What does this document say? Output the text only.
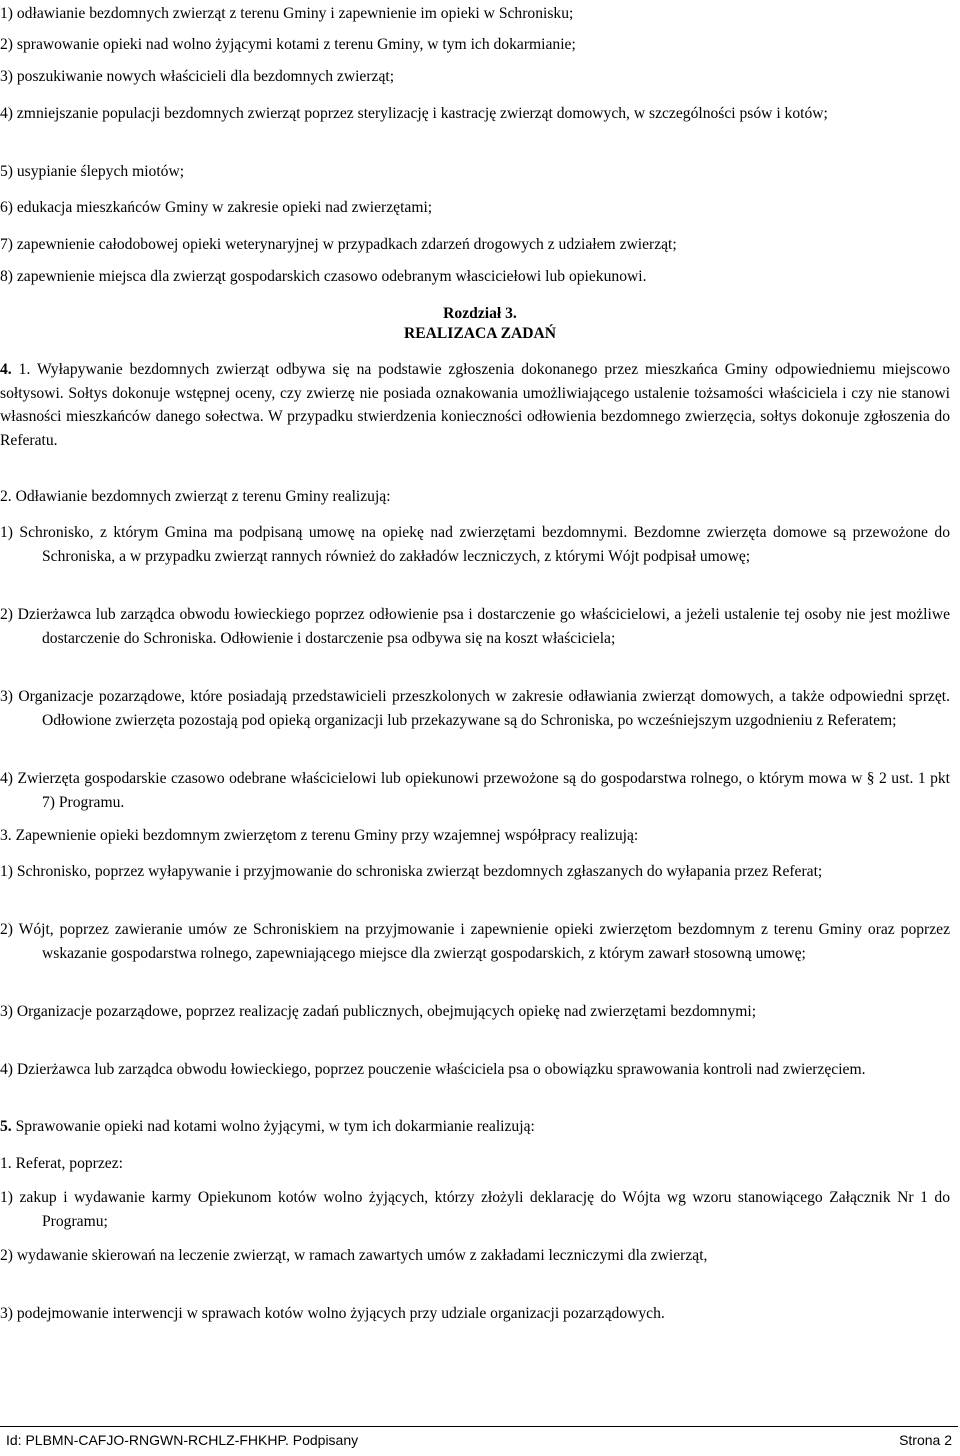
1) odławianie bezdomnych zwierząt z terenu Gminy i zapewnienie im opieki w Schronisku;

2) sprawowanie opieki nad wolno żyjącymi kotami z terenu Gminy, w tym ich dokarmianie;

3) poszukiwanie nowych właścicieli dla bezdomnych zwierząt;

4) zmniejszanie populacji bezdomnych zwierząt poprzez sterylizację i kastrację zwierząt domowych, w szczególności psów i kotów;

5) usypianie ślepych miotów;

6) edukacja mieszkańców Gminy w zakresie opieki nad zwierzętami;

7) zapewnienie całodobowej opieki weterynaryjnej w przypadkach zdarzeń drogowych z udziałem zwierząt;

8) zapewnienie miejsca dla zwierząt gospodarskich czasowo odebranym własciciełowi lub opiekunowi.

Rozdział 3.

REALIZACA ZADAŃ

4. 1. Wyłapywanie bezdomnych zwierząt odbywa się na podstawie zgłoszenia dokonanego przez mieszkańca Gminy odpowiedniemu miejscowo sołtysowi. Sołtys dokonuje wstępnej oceny, czy zwierzę nie posiada oznakowania umożliwiającego ustalenie tożsamości właściciela i czy nie stanowi własności mieszkańców danego sołectwa. W przypadku stwierdzenia konieczności odłowienia bezdomnego zwierzęcia, sołtys dokonuje zgłoszenia do Referatu.

2. Odławianie bezdomnych zwierząt z terenu Gminy realizują:

1) Schronisko, z którym Gmina ma podpisaną umowę na opiekę nad zwierzętami bezdomnymi. Bezdomne zwierzęta domowe są przewożone do Schroniska, a w przypadku zwierząt rannych również do zakładów leczniczych, z którymi Wójt podpisał umowę;

2) Dzierżawca lub zarządca obwodu łowieckiego poprzez odłowienie psa i dostarczenie go właścicielowi, a jeżeli ustalenie tej osoby nie jest możliwe dostarczenie do Schroniska. Odłowienie i dostarczenie psa odbywa się na koszt właściciela;

3) Organizacje pozarządowe, które posiadają przedstawicieli przeszkolonych w zakresie odławiania zwierząt domowych, a także odpowiedni sprzęt. Odłowione zwierzęta pozostają pod opieką organizacji lub przekazywane są do Schroniska, po wcześniejszym uzgodnieniu z Referatem;

4) Zwierzęta gospodarskie czasowo odebrane właścicielowi lub opiekunowi przewożone są do gospodarstwa rolnego, o którym mowa w § 2 ust. 1 pkt 7) Programu.

3. Zapewnienie opieki bezdomnym zwierzętom z terenu Gminy przy wzajemnej współpracy realizują:

1) Schronisko, poprzez wyłapywanie i przyjmowanie do schroniska zwierząt bezdomnych zgłaszanych do wyłapania przez Referat;

2) Wójt, poprzez zawieranie umów ze Schroniskiem na przyjmowanie i zapewnienie opieki zwierzętom bezdomnym z terenu Gminy oraz poprzez wskazanie gospodarstwa rolnego, zapewniającego miejsce dla zwierząt gospodarskich, z którym zawarł stosowną umowę;

3) Organizacje pozarządowe, poprzez realizację zadań publicznych, obejmujących opiekę nad zwierzętami bezdomnymi;

4) Dzierżawca lub zarządca obwodu łowieckiego, poprzez pouczenie właściciela psa o obowiązku sprawowania kontroli nad zwierzęciem.

5. Sprawowanie opieki nad kotami wolno żyjącymi, w tym ich dokarmianie realizują:

1. Referat, poprzez:

1) zakup i wydawanie karmy Opiekunom kotów wolno żyjących, którzy złożyli deklarację do Wójta wg wzoru stanowiącego Załącznik Nr 1 do Programu;

2) wydawanie skierowań na leczenie zwierząt, w ramach zawartych umów z zakładami leczniczymi dla zwierząt,

3) podejmowanie interwencji w sprawach kotów wolno żyjących przy udziale organizacji pozarządowych.

Id: PLBMN-CAFJO-RNGWN-RCHLZ-FHKHP. Podpisany	Strona 2
